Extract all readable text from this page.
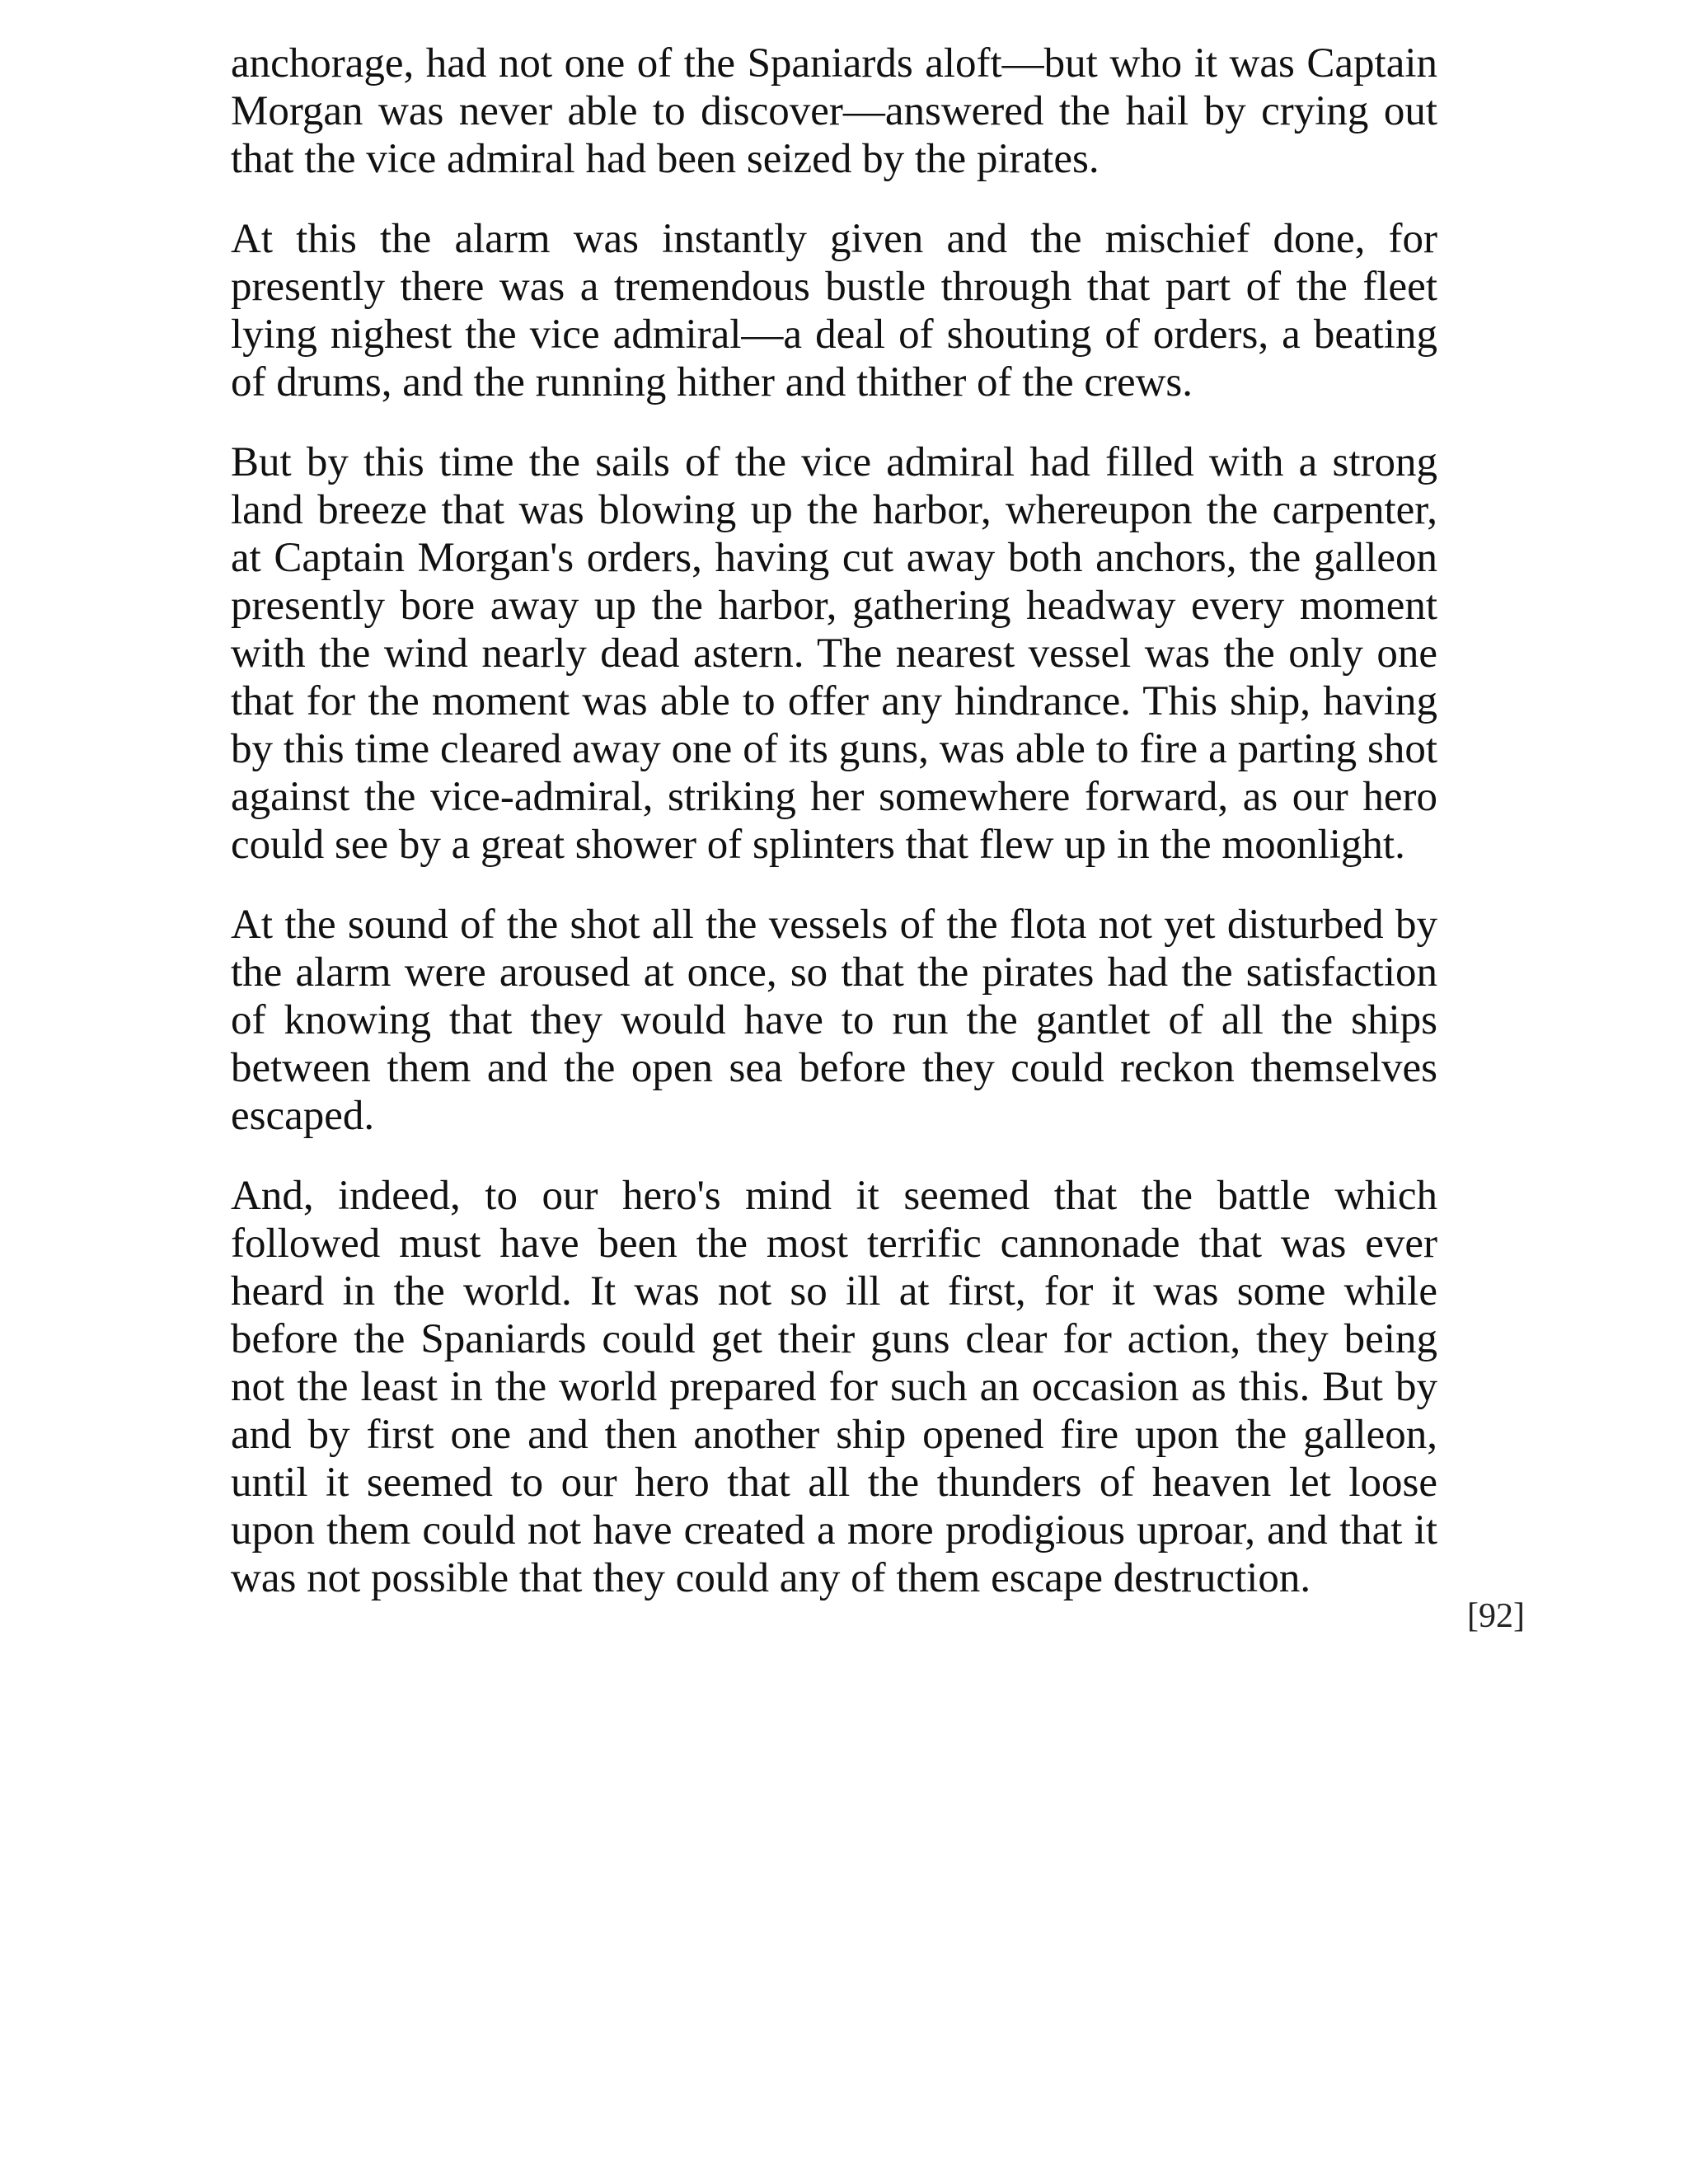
anchorage, had not one of the Spaniards aloft—but who it was Captain Morgan was never able to discover—answered the hail by crying out that the vice admiral had been seized by the pirates.

At this the alarm was instantly given and the mischief done, for presently there was a tremendous bustle through that part of the fleet lying nighest the vice admiral—a deal of shouting of orders, a beating of drums, and the running hither and thither of the crews.

But by this time the sails of the vice admiral had filled with a strong land breeze that was blowing up the harbor, whereupon the carpenter, at Captain Morgan's orders, having cut away both anchors, the galleon presently bore away up the harbor, gathering headway every moment with the wind nearly dead astern. The nearest vessel was the only one that for the moment was able to offer any hindrance. This ship, having by this time cleared away one of its guns, was able to fire a parting shot against the vice-admiral, striking her somewhere forward, as our hero could see by a great shower of splinters that flew up in the moonlight.

At the sound of the shot all the vessels of the flota not yet disturbed by the alarm were aroused at once, so that the pirates had the satisfaction of knowing that they would have to run the gantlet of all the ships between them and the open sea before they could reckon themselves escaped.

And, indeed, to our hero's mind it seemed that the battle which followed must have been the most terrific cannonade that was ever heard in the world. It was not so ill at first, for it was some while before the Spaniards could get their guns clear for action, they being not the least in the world prepared for such an occasion as this. But by and by first one and then another ship opened fire upon the galleon, until it seemed to our hero that all the thunders of heaven let loose upon them could not have created a more prodigious uproar, and that it was not possible that they could any of them escape destruction.

[92]
